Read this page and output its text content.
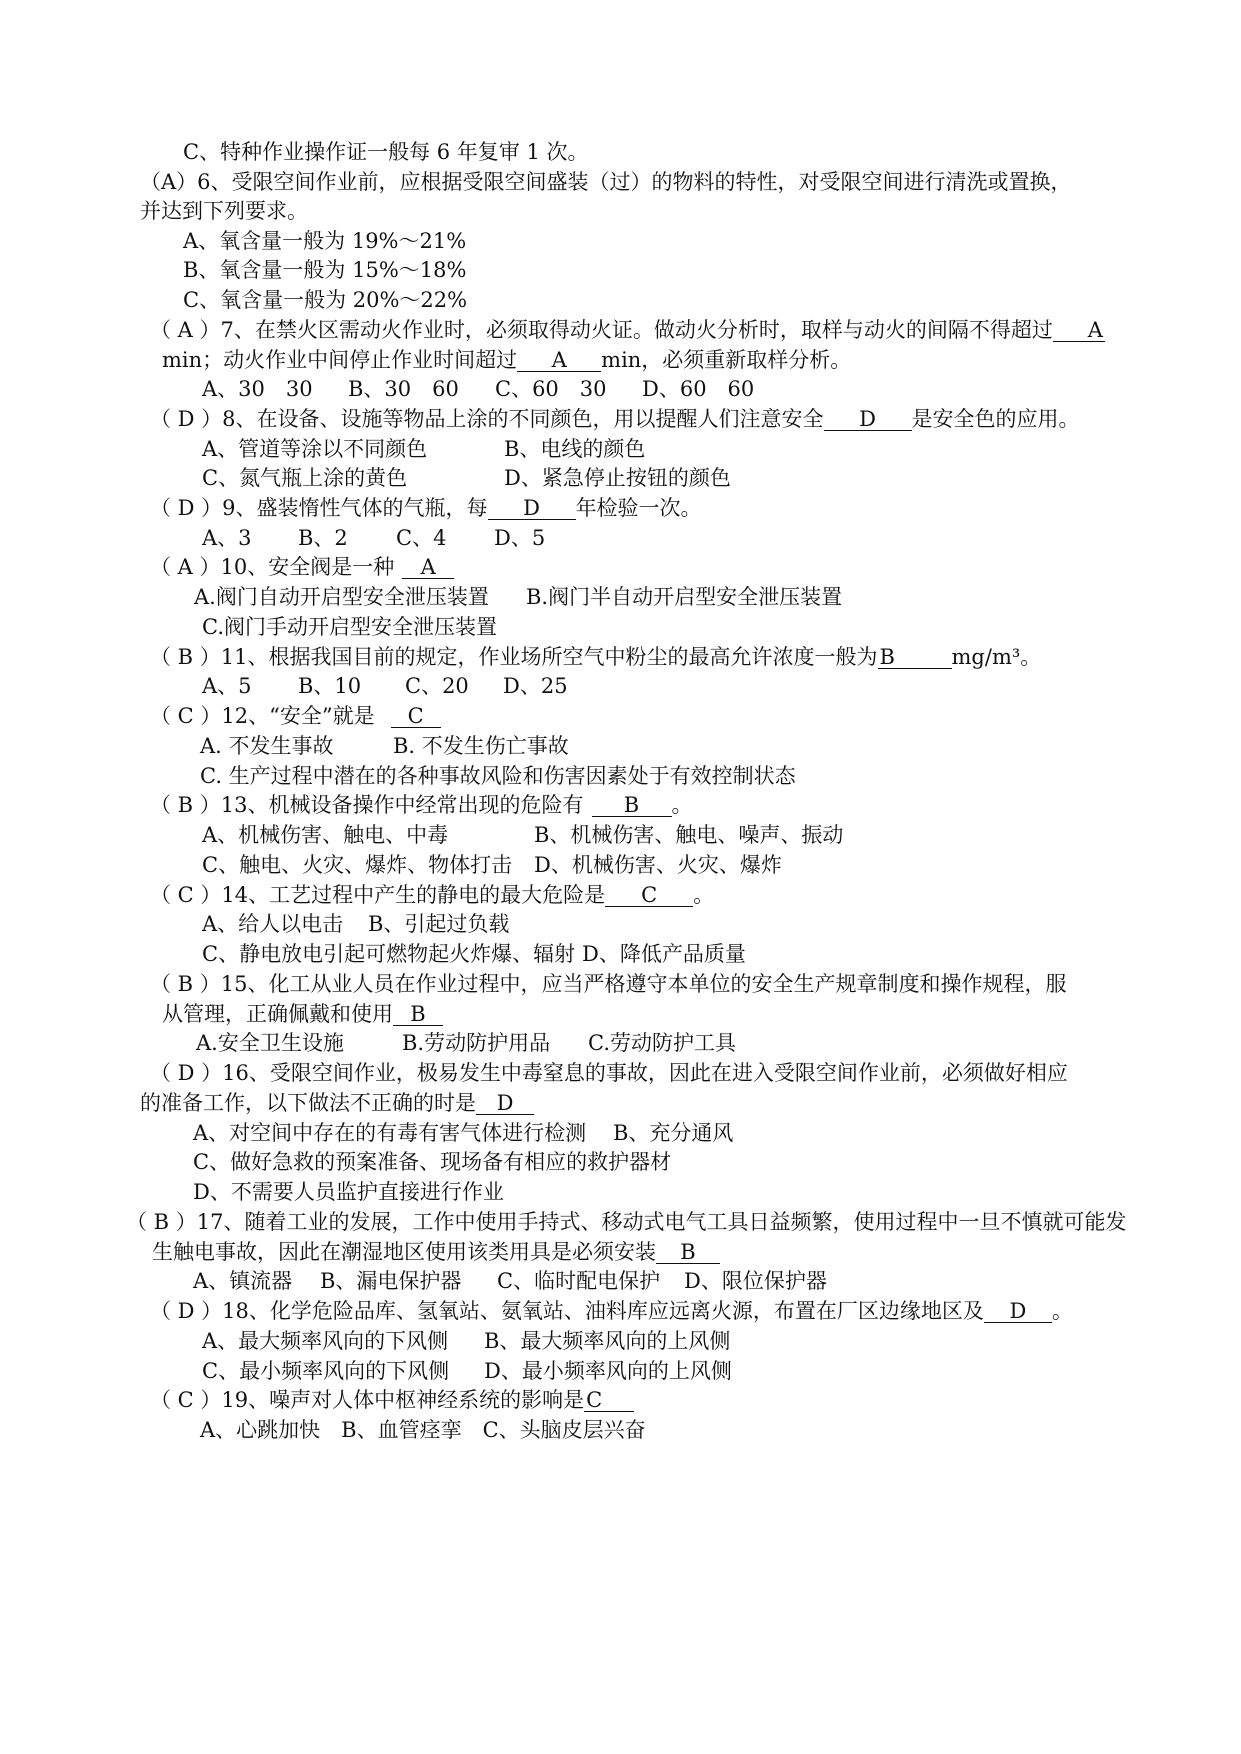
C、特种作业操作证一般每 6 年复审 1 次。
（A）6、受限空间作业前，应根据受限空间盛装（过）的物料的特性，对受限空间进行清洗或置换，
并达到下列要求。
A、氧含量一般为 19%～21%
B、氧含量一般为 15%～18%
C、氧含量一般为 20%～22%
（ A ）7、在禁火区需动火作业时，必须取得动火证。做动火分析时，取样与动火的间隔不得超过 A
min；动火作业中间停止作业时间超过 A min，必须重新取样分析。
A、30　30 B、30　60 C、60　30 D、60　60
（ D ）8、在设备、设施等物品上涂的不同颜色，用以提醒人们注意安全 D 是安全色的应用。
A、管道等涂以不同颜色	B、电线的颜色
C、氮气瓶上涂的黄色	D、紧急停止按钮的颜色
（ D ）9、盛装惰性气体的气瓶，每 D 年检验一次。
A、3 B、2 C、4 D、5
（ A ）10、安全阀是一种 A
A.阀门自动开启型安全泄压装置 B.阀门半自动开启型安全泄压装置
C.阀门手动开启型安全泄压装置
（ B ）11、根据我国目前的规定，作业场所空气中粉尘的最高允许浓度一般为B	mg/m³。
A、5 B、10 C、20 D、25
（ C ）12、“安全”就是 C
A. 不发生事故	B. 不发生伤亡事故
C. 生产过程中潜在的各种事故风险和伤害因素处于有效控制状态
（ B ）13、机械设备操作中经常出现的危险有 B 。
A、机械伤害、触电、中毒	B、机械伤害、触电、噪声、振动
C、触电、火灾、爆炸、物体打击 D、机械伤害、火灾、爆炸
（ C ）14、工艺过程中产生的静电的最大危险是 C 。
A、给人以电击 B、引起过负载
C、静电放电引起可燃物起火炸爆、辐射 D、降低产品质量
（ B ）15、化工从业人员在作业过程中，应当严格遵守本单位的安全生产规章制度和操作规程，服
从管理，正确佩戴和使用 B
A.安全卫生设施	B.劳动防护用品 C.劳动防护工具
（ D ）16、受限空间作业，极易发生中毒窒息的事故，因此在进入受限空间作业前，必须做好相应
的准备工作，以下做法不正确的时是 D
A、对空间中存在的有毒有害气体进行检测 B、充分通风
C、做好急救的预案准备、现场备有相应的救护器材
D、不需要人员监护直接进行作业
（ B ）17、随着工业的发展，工作中使用手持式、移动式电气工具日益频繁，使用过程中一旦不慎就可能发
生触电事故，因此在潮湿地区使用该类用具是必须安装 B
A、镇流器 B、漏电保护器 C、临时配电保护 D、限位保护器
（ D ）18、化学危险品库、氢氧站、氨氧站、油料库应远离火源，布置在厂区边缘地区及 D 。
A、最大频率风向的下风侧 B、最大频率风向的上风侧
C、最小频率风向的下风侧 D、最小频率风向的上风侧
（ C ）19、噪声对人体中枢神经系统的影响是C
A、心跳加快　B、血管痉挛　C、头脑皮层兴奋
